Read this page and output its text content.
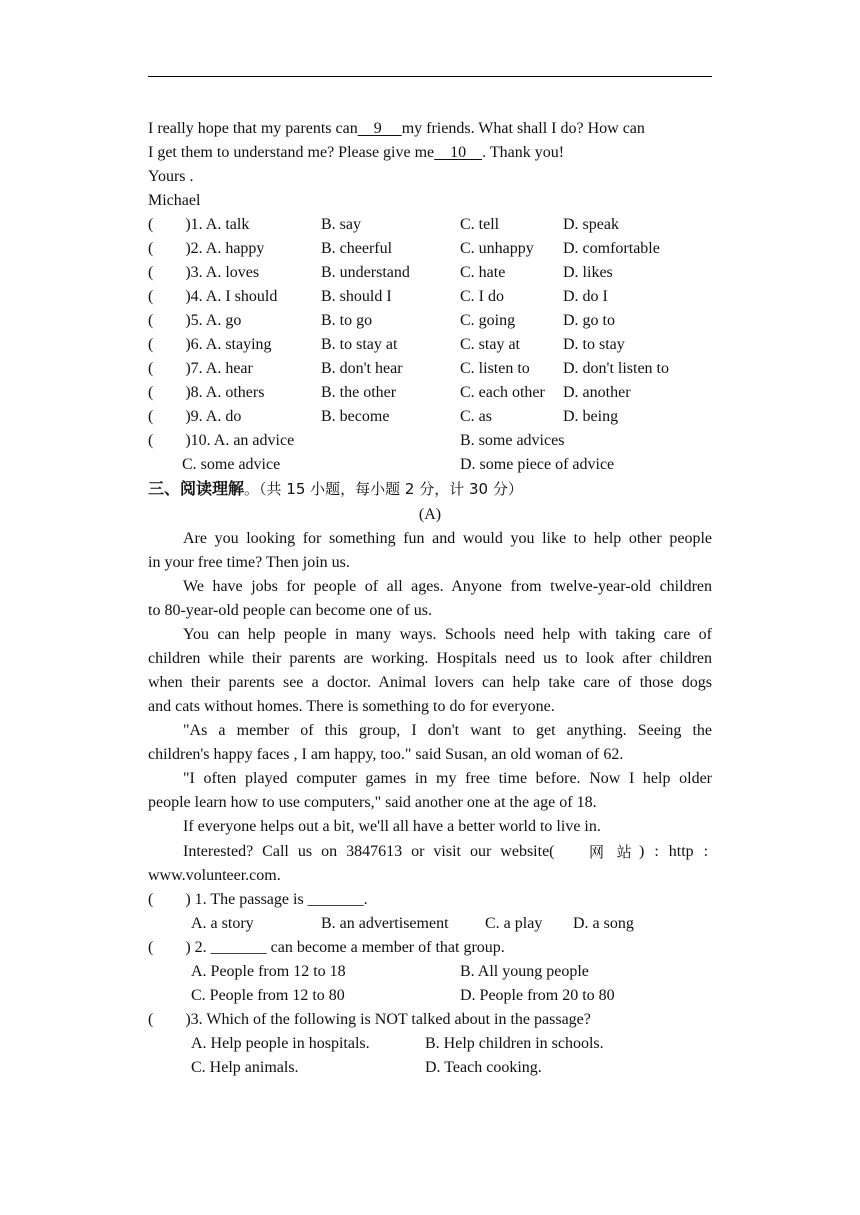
I really hope that my parents can    9     my friends. What shall I do? How can
I get them to understand me? Please give me    10    . Thank you!
Yours .
Michael
(        )1. A. talk	B. say	C. tell	D. speak
(        )2. A. happy	B. cheerful	C. unhappy D. comfortable
(        )3. A. loves	B. understand	C. hate	D. likes
(        )4. A. I should	B. should I	C. I do	D. do I
(        )5. A. go	B. to go	C. going	D. go to
(        )6. A. staying	B. to stay at	C. stay at	D. to stay
(        )7. A. hear	B. don't hear	C. listen to D. don't listen to
(        )8. A. others	B. the other	C. each other D. another
(        )9. A. do	B. become	C. as	D. being
(        )10. A. an advice	B. some advices
C. some advice	D. some piece of advice
三、阅读理解。（共 15 小题，每小题 2 分，计 30 分）
(A)
Are you looking for something fun and would you like to help other people
in your free time? Then join us.
We have jobs for people of all ages. Anyone from twelve-year-old children
to 80-year-old people can become one of us.
You can help people in many ways. Schools need help with taking care of
children while their parents are working. Hospitals need us to look after children
when their parents see a doctor. Animal lovers can help take care of those dogs
and cats without homes. There is something to do for everyone.
"As a member of this group, I don't want to get anything. Seeing the
children's happy faces , I am happy, too." said Susan, an old woman of 62.
"I often played computer games in my free time before. Now I help older
people learn how to use computers," said another one at the age of 18.
If everyone helps out a bit, we'll all have a better world to live in.
Interested? Call us on 3847613 or visit our website( 网 站 ) : http :
www.volunteer.com.
(        ) 1. The passage is _______.
A. a story	B. an advertisement C. a play D. a song
(        ) 2. _______ can become a member of that group.
A. People from 12 to 18	B. All young people
C. People from 12 to 80	D. People from 20 to 80
(        )3. Which of the following is NOT talked about in the passage?
A. Help people in hospitals.	B. Help children in schools.
C. Help animals.	D. Teach cooking.
